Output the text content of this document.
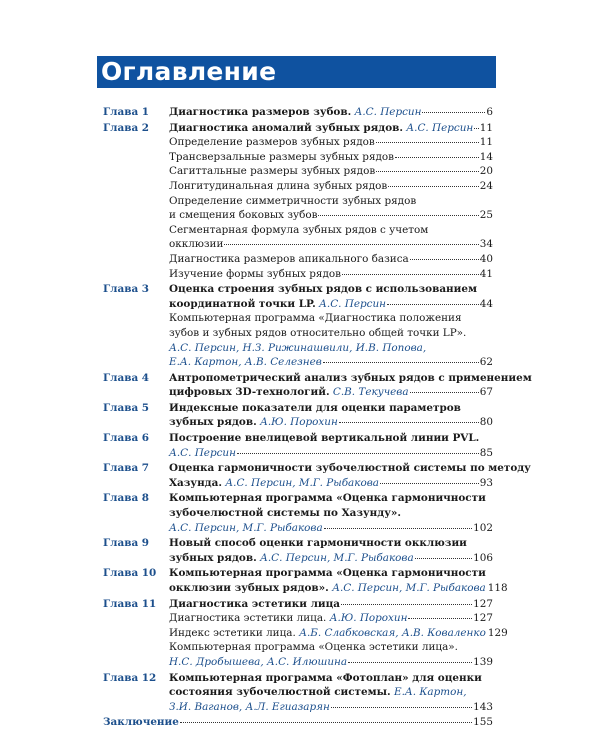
Оглавление
Глава 1 Диагностика размеров зубов. А.С. Персин	6
Глава 2 Диагностика аномалий зубных рядов. А.С. Персин 11
Определение размеров зубных рядов	11
Трансверзальные размеры зубных рядов	14
Сагиттальные размеры зубных рядов	20
Лонгитудинальная длина зубных рядов	24
Определение симметричности зубных рядов
и смещения боковых зубов	25
Сегментарная формула зубных рядов с учетом
окклюзии	34
Диагностика размеров апикального базиса	40
Изучение формы зубных рядов	41
Глава 3 Оценка строения зубных рядов с использованием
координатной точки LP. А.С. Персин	44
Компьютерная программа «Диагностика положения
зубов и зубных рядов относительно общей точки LP».
А.С. Персин, Н.З. Рижинашвили, И.В. Попова,
Е.А. Картон, А.В. Селезнев	62
Глава 4 Антропометрический анализ зубных рядов с применением
цифровых 3D-технологий. С.В. Текучева	67
Глава 5 Индексные показатели для оценки параметров
зубных рядов. А.Ю. Порохин	80
Глава 6 Построение внелицевой вертикальной линии PVL.
А.С. Персин	85
Глава 7 Оценка гармоничности зубочелюстной системы по методу
Хазунда. А.С. Персин, М.Г. Рыбакова	93
Глава 8 Компьютерная программа «Оценка гармоничности
зубочелюстной системы по Хазунду».
А.С. Персин, М.Г. Рыбакова	102
Глава 9 Новый способ оценки гармоничности окклюзии
зубных рядов. А.С. Персин, М.Г. Рыбакова	106
Глава 10 Компьютерная программа «Оценка гармоничности
окклюзии зубных рядов». А.С. Персин, М.Г. Рыбакова 118
Глава 11 Диагностика эстетики лица	127
Диагностика эстетики лица. А.Ю. Порохин	127
Индекс эстетики лица. А.Б. Слабковская, А.В. Коваленко 129
Компьютерная программа «Оценка эстетики лица».
Н.С. Дробышева, А.С. Илюшина	139
Глава 12 Компьютерная программа «Фотоплан» для оценки
состояния зубочелюстной системы. Е.А. Картон,
З.И. Ваганов, А.Л. Егиазарян	143
Заключение	155
